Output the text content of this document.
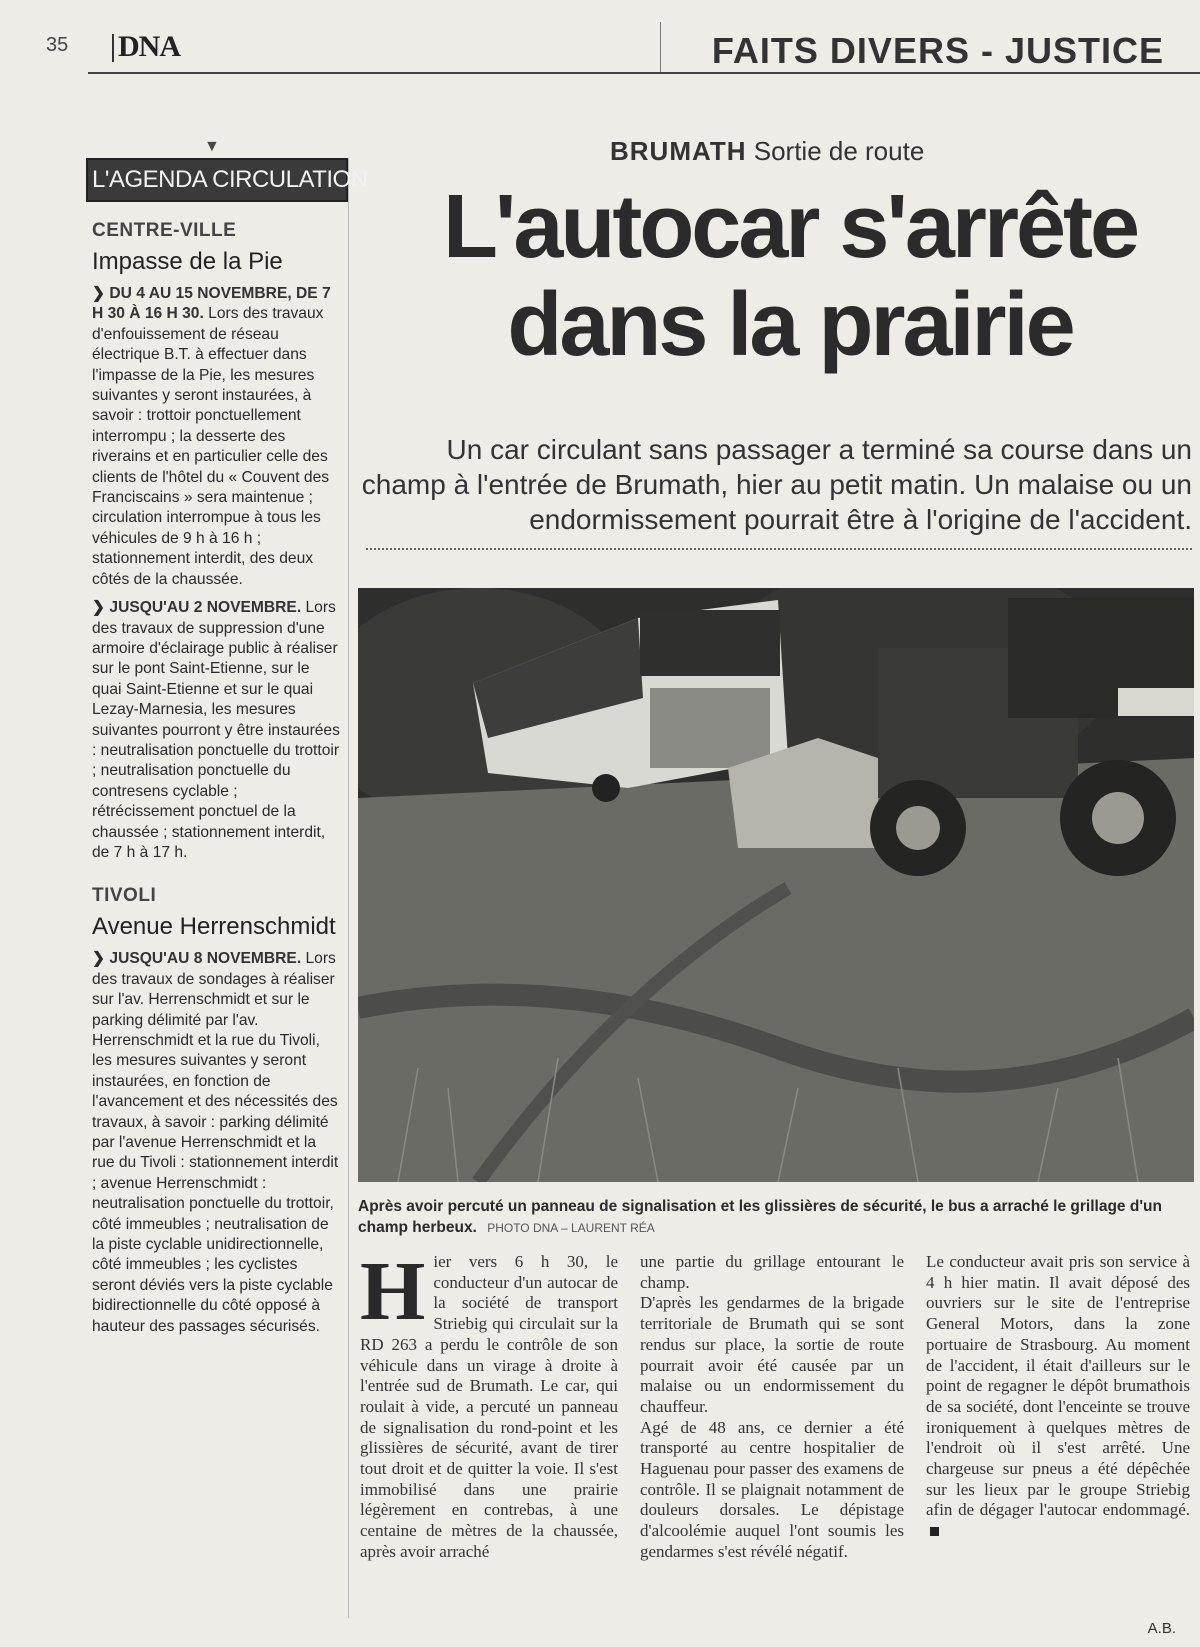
35 DNA	FAITS DIVERS - JUSTICE
▼
L'AGENDA CIRCULATION
CENTRE-VILLE
Impasse de la Pie
❯ DU 4 AU 15 NOVEMBRE, DE 7 H 30 À 16 H 30. Lors des travaux d'enfouissement de réseau électrique B.T. à effectuer dans l'impasse de la Pie, les mesures suivantes y seront instaurées, à savoir : trottoir ponctuellement interrompu ; la desserte des riverains et en particulier celle des clients de l'hôtel du « Couvent des Franciscains » sera maintenue ; circulation interrompue à tous les véhicules de 9 h à 16 h ; stationnement interdit, des deux côtés de la chaussée.
❯ JUSQU'AU 2 NOVEMBRE. Lors des travaux de suppression d'une armoire d'éclairage public à réaliser sur le pont Saint-Etienne, sur le quai Saint-Etienne et sur le quai Lezay-Marnesia, les mesures suivantes pourront y être instaurées : neutralisation ponctuelle du trottoir ; neutralisation ponctuelle du contresens cyclable ; rétrécissement ponctuel de la chaussée ; stationnement interdit, de 7 h à 17 h.
TIVOLI
Avenue Herrenschmidt
❯ JUSQU'AU 8 NOVEMBRE. Lors des travaux de sondages à réaliser sur l'av. Herrenschmidt et sur le parking délimité par l'av. Herrenschmidt et la rue du Tivoli, les mesures suivantes y seront instaurées, en fonction de l'avancement et des nécessités des travaux, à savoir : parking délimité par l'avenue Herrenschmidt et la rue du Tivoli : stationnement interdit ; avenue Herrenschmidt : neutralisation ponctuelle du trottoir, côté immeubles ; neutralisation de la piste cyclable unidirectionnelle, côté immeubles ; les cyclistes seront déviés vers la piste cyclable bidirectionnelle du côté opposé à hauteur des passages sécurisés.
BRUMATH Sortie de route
L'autocar s'arrête
dans la prairie
Un car circulant sans passager a terminé sa course dans un champ à l'entrée de Brumath, hier au petit matin. Un malaise ou un endormissement pourrait être à l'origine de l'accident.
Après avoir percuté un panneau de signalisation et les glissières de sécurité, le bus a arraché le grillage d'un champ herbeux. PHOTO DNA – LAURENT RÉA
H ier vers 6 h 30, le conducteur d'un autocar de la société de transport Striebig qui circulait sur la RD 263 a perdu le contrôle de son véhicule dans un virage à droite à l'entrée sud de Brumath. Le car, qui roulait à vide, a percuté un panneau de signalisation du rond-point et les glissières de sécurité, avant de tirer tout droit et de quitter la voie. Il s'est immobilisé dans une prairie légèrement en contrebas, à une centaine de mètres de la chaussée, après avoir arraché
une partie du grillage entourant le champ.
D'après les gendarmes de la brigade territoriale de Brumath qui se sont rendus sur place, la sortie de route pourrait avoir été causée par un malaise ou un endormissement du chauffeur.
Agé de 48 ans, ce dernier a été transporté au centre hospitalier de Haguenau pour passer des examens de contrôle. Il se plaignait notamment de douleurs dorsales. Le dépistage d'alcoolémie auquel l'ont soumis les gendarmes s'est révélé négatif.
Le conducteur avait pris son service à 4 h hier matin. Il avait déposé des ouvriers sur le site de l'entreprise General Motors, dans la zone portuaire de Strasbourg. Au moment de l'accident, il était d'ailleurs sur le point de regagner le dépôt brumathois de sa société, dont l'enceinte se trouve ironiquement à quelques mètres de l'endroit où il s'est arrêté. Une chargeuse sur pneus a été dépêchée sur les lieux par le groupe Striebig afin de dégager l'autocar endommagé.
A.B.
